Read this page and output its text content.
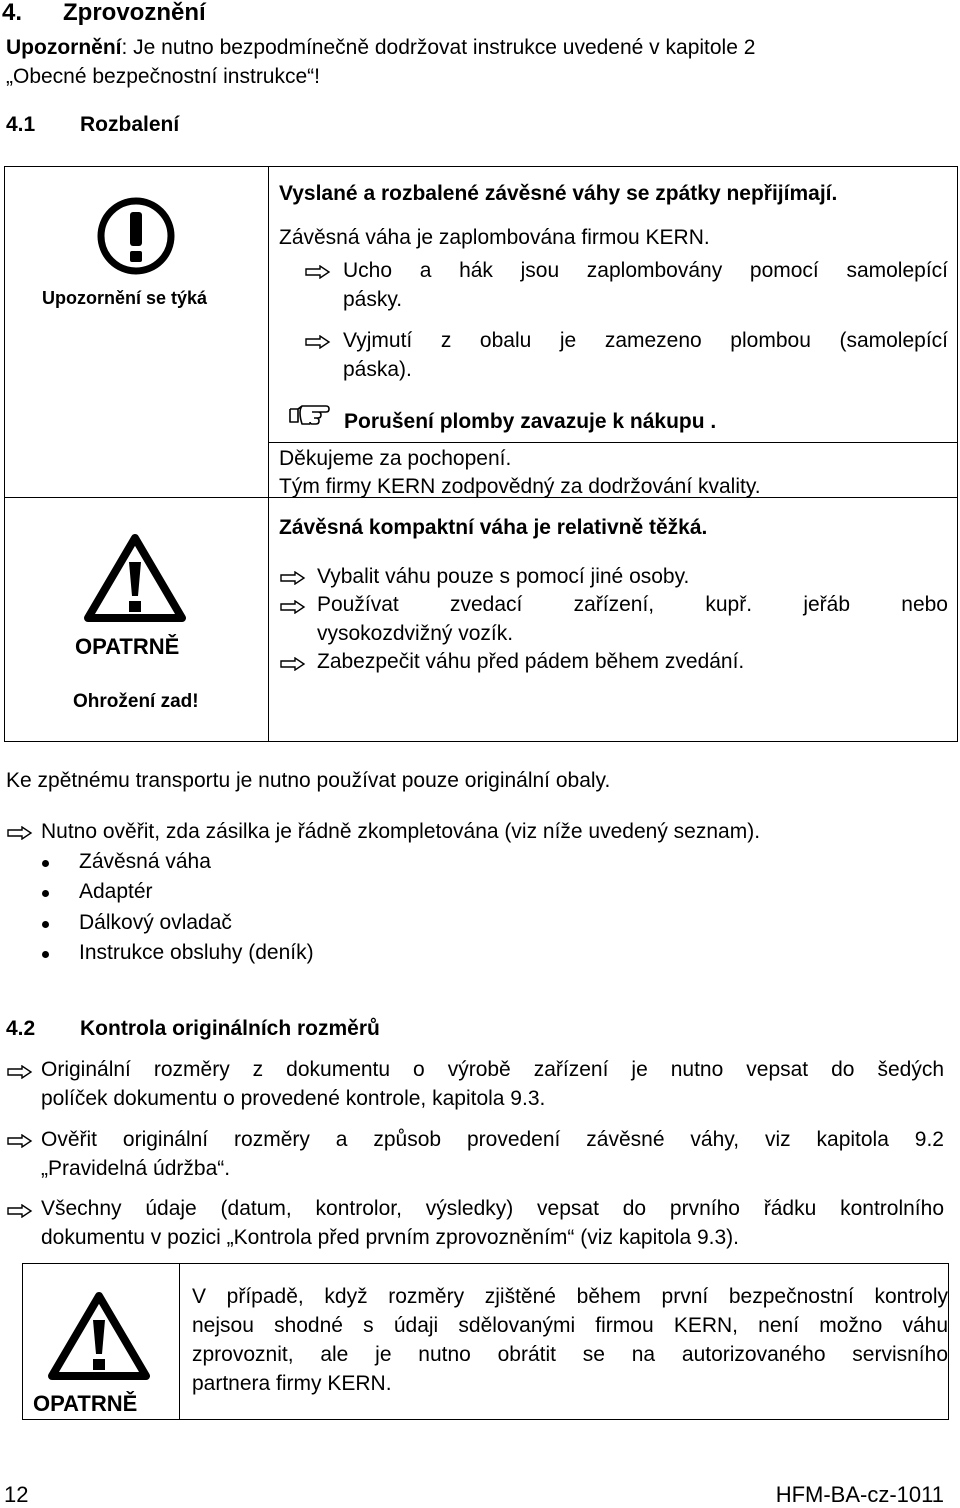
4. Zprovoznění
Upozornění: Je nutno bezpodmínečně dodržovat instrukce uvedené v kapitole 2
„Obecné bezpečnostní instrukce“!
4.1 Rozbalení
Upozornění se týká
Vyslané a rozbalené závěsné váhy se zpátky nepřijímají.
Závěsná váha je zaplombována firmou KERN.
Ucho a hák jsou zaplombovány pomocí samolepící
pásky.
Vyjmutí z obalu je zamezeno plombou (samolepící
páska).
Porušení plomby zavazuje k nákupu .
Děkujeme za pochopení.
Tým firmy KERN zodpovědný za dodržování kvality.
OPATRNĚ
Ohrožení zad!
Závěsná kompaktní váha je relativně těžká.
Vybalit váhu pouze s pomocí jiné osoby.
Používat zvedací zařízení, kupř. jeřáb nebo
vysokozdvižný vozík.
Zabezpečit váhu před pádem během zvedání.
Ke zpětnému transportu je nutno používat pouze originální obaly.
Nutno ověřit, zda zásilka je řádně zkompletována (viz níže uvedený seznam).
Závěsná váha
Adaptér
Dálkový ovladač
Instrukce obsluhy (deník)
4.2 Kontrola originálních rozměrů
Originální rozměry z dokumentu o výrobě zařízení je nutno vepsat do šedých
políček dokumentu o provedené kontrole, kapitola 9.3.
Ověřit originální rozměry a způsob provedení závěsné váhy, viz kapitola 9.2
„Pravidelná údržba“.
Všechny údaje (datum, kontrolor, výsledky) vepsat do prvního řádku kontrolního
dokumentu v pozici „Kontrola před prvním zprovozněním“ (viz kapitola 9.3).
OPATRNĚ
V případě, když rozměry zjištěné během první bezpečnostní kontroly
nejsou shodné s údaji sdělovanými firmou KERN, není možno váhu
zprovoznit, ale je nutno obrátit se na autorizovaného servisního
partnera firmy KERN.
12	HFM-BA-cz-1011
